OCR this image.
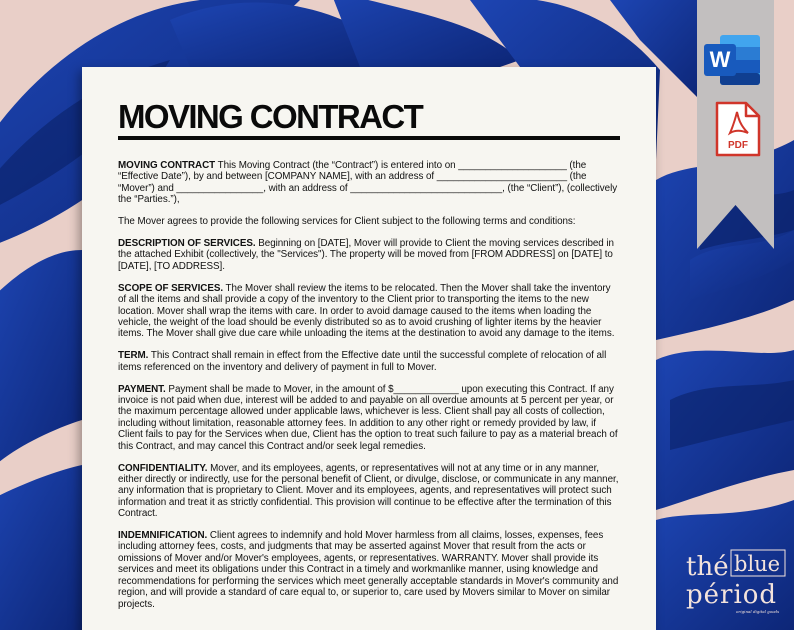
MOVING CONTRACT

MOVING CONTRACT This Moving Contract (the “Contract”) is entered into on ____________________ (the “Effective Date”), by and between [COMPANY NAME], with an address of ________________________ (the “Mover”) and ________________, with an address of ____________________________, (the “Client”), (collectively the “Parties.”),

The Mover agrees to provide the following services for Client subject to the following terms and conditions:

DESCRIPTION OF SERVICES. Beginning on [DATE], Mover will provide to Client the moving services described in the attached Exhibit (collectively, the "Services"). The property will be moved from [FROM ADDRESS] on [DATE] to [DATE], [TO ADDRESS].

SCOPE OF SERVICES. The Mover shall review the items to be relocated. Then the Mover shall take the inventory of all the items and shall provide a copy of the inventory to the Client prior to transporting the items to the new location. Mover shall wrap the items with care. In order to avoid damage caused to the items when loading the vehicle, the weight of the load should be evenly distributed so as to avoid crushing of lighter items by the heavier items. The Mover shall give due care while unloading the items at the destination to avoid any damage to the items.

TERM. This Contract shall remain in effect from the Effective date until the successful complete of relocation of all items referenced on the inventory and delivery of payment in full to Mover.

PAYMENT. Payment shall be made to Mover, in the amount of $____________ upon executing this Contract. If any invoice is not paid when due, interest will be added to and payable on all overdue amounts at 5 percent per year, or the maximum percentage allowed under applicable laws, whichever is less. Client shall pay all costs of collection, including without limitation, reasonable attorney fees. In addition to any other right or remedy provided by law, if Client fails to pay for the Services when due, Client has the option to treat such failure to pay as a material breach of this Contract, and may cancel this Contract and/or seek legal remedies.

CONFIDENTIALITY. Mover, and its employees, agents, or representatives will not at any time or in any manner, either directly or indirectly, use for the personal benefit of Client, or divulge, disclose, or communicate in any manner, any information that is proprietary to Client. Mover and its employees, agents, and representatives will protect such information and treat it as strictly confidential. This provision will continue to be effective after the termination of this Contract.

INDEMNIFICATION. Client agrees to indemnify and hold Mover harmless from all claims, losses, expenses, fees including attorney fees, costs, and judgments that may be asserted against Mover that result from the acts or omissions of Mover and/or Mover's employees, agents, or representatives. WARRANTY. Mover shall provide its services and meet its obligations under this Contract in a timely and workmanlike manner, using knowledge and recommendations for performing the services which meet generally acceptable standards in Mover's community and region, and will provide a standard of care equal to, or superior to, care used by Movers similar to Mover on similar projects.

W
PDF
thé blue
périod
original digital goods
